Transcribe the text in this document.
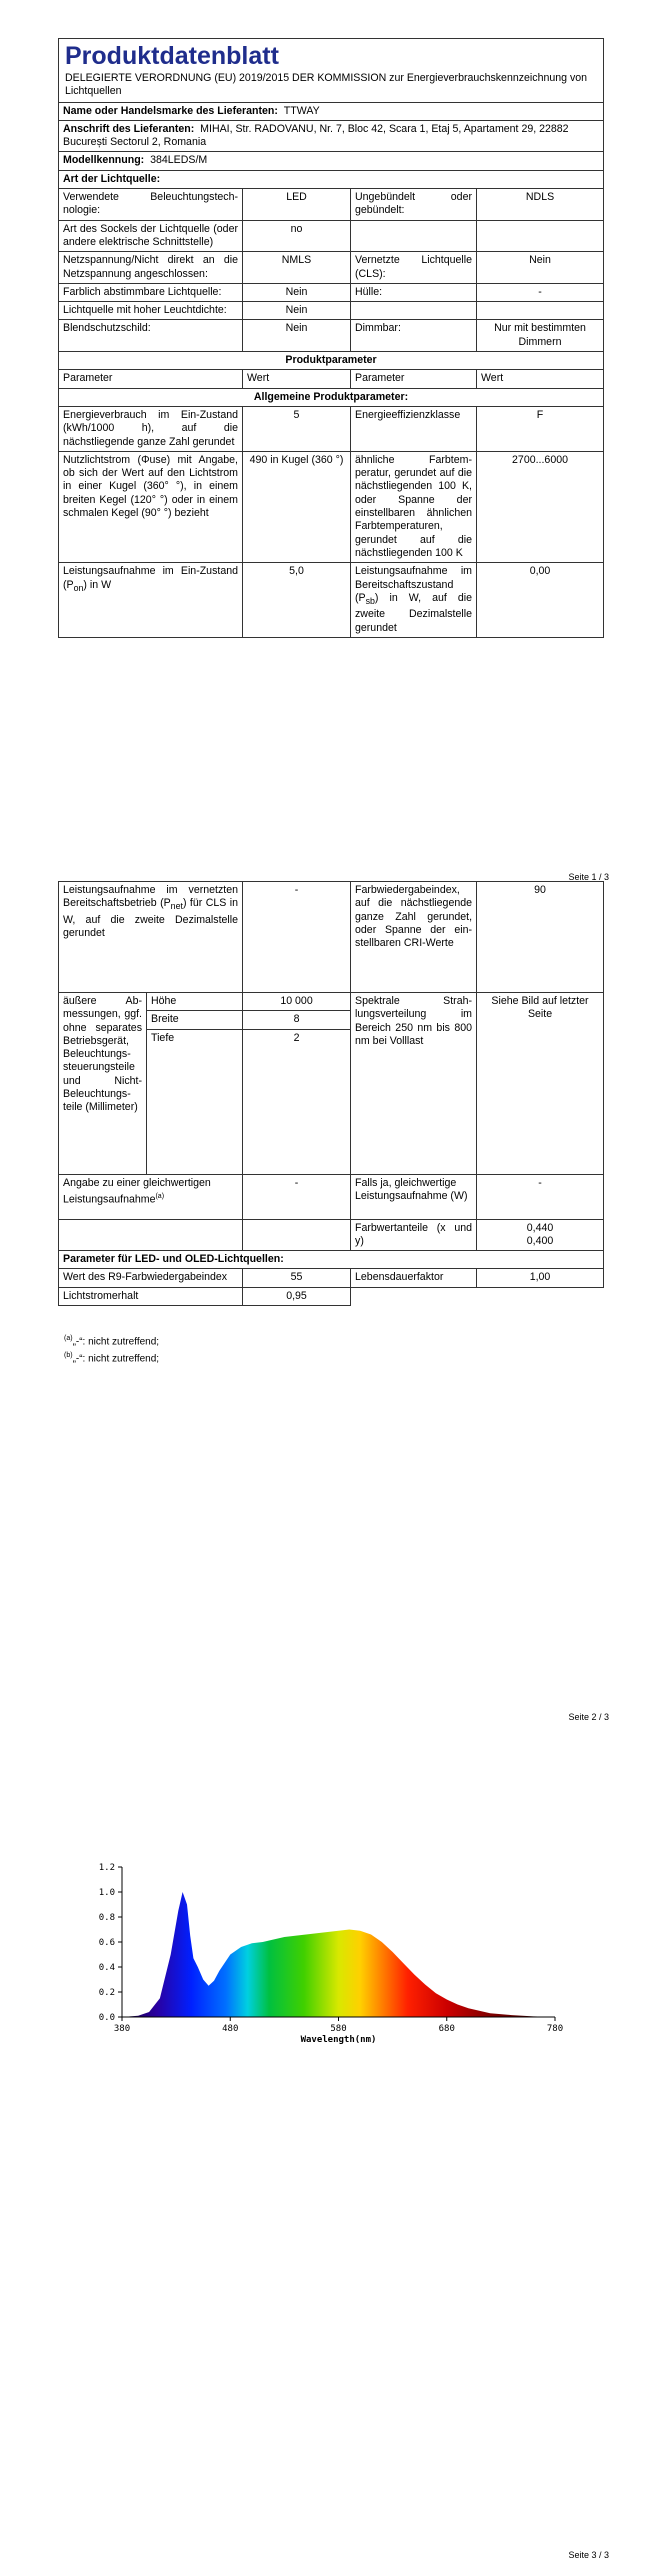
Produktdatenblatt
DELEGIERTE VERORDNUNG (EU) 2019/2015 DER KOMMISSION zur Energieverbrauchskennzeichnung von Lichtquellen			

Name oder Handelsmarke des Lieferanten: TTWAY			
Anschrift des Lieferanten: MIHAI, Str. RADOVANU, Nr. 7, Bloc 42, Scara 1, Etaj 5, Apartament 29, 22882 București Sectorul 2, Romania			
Modellkennung: 384LEDS/M			
Art der Lichtquelle:			
Verwendete Beleuchtungstechnologie:	LED	Ungebündelt oder gebündelt:	NDLS
Art des Sockels der Lichtquelle (oder andere elektrische Schnittstelle)	no		
Netzspannung/Nicht direkt an die Netzspannung angeschlossen:	NMLS	Vernetzte Lichtquelle (CLS):	Nein
Farblich abstimmbare Lichtquelle:	Nein	Hülle:	-
Lichtquelle mit hoher Leuchtdichte:	Nein		
Blendschutzschild:	Nein	Dimmbar:	Nur mit bestimmten Dimmern
Produktparameter			
Parameter	Wert	Parameter	Wert
Allgemeine Produktparameter:			
Energieverbrauch im Ein-Zustand (kWh/1000 h), auf die nächstliegende ganze Zahl gerundet	5	Energieeffizienzklasse	F
Nutzlichtstrom (Φuse) mit Angabe, ob sich der Wert auf den Lichtstrom in einer Kugel (360° °), in einem breiten Kegel (120° °) oder in einem schmalen Kegel (90° °) bezieht	490 in Kugel (360 °)	ähnliche Farbtemperatur, gerundet auf die nächstliegenden 100 K, oder Spanne der einstellbaren ähnlichen Farbtemperaturen, gerundet auf die nächstliegenden 100 K	2700...6000
Leistungsaufnahme im Ein-Zustand $(P_{on})$ in W	5,0	Leistungsaufnahme im Bereitschaftszustand $(P_{sb})$ in W, auf die zweite Dezimalstelle gerundet	0,00
Seite 1 / 3
Seite 2 / 3
Leistungsaufnahme im vernetzten Bereitschaftsbetrieb $(P_{net})$ für CLS in W, auf die zweite Dezimalstelle gerundet		-	Farbwiedergabeindex, auf die nächstliegende ganze Zahl gerundet, oder Spanne der einstellbaren CRI-Werte	90
äußere Abmessungen, ggf. ohne separates Betriebsgerät, Beleuchtungssteuerungsteile und Nicht-Beleuchtungsteile (Millimeter)	Höhe	10 000	Spektrale Strahlungsverteilung im Bereich 250 nm bis 800 nm bei Volllast	Siehe Bild auf letzter Seite
	Breite	8		
	Tiefe	2		
Angabe zu einer gleichwertigen Leistungsaufnahme$^{(a)}$		-	Falls ja, gleichwertige Leistungsaufnahme (W)	-
			Farbwertanteile (x und y)	0,440
0,400

Parameter für LED- und OLED-Lichtquellen:				
Wert des R9-Farbwiedergabeindex		55	Lebensdauerfaktor	1,00
Lichtstromerhalt		0,95		
$^{(a)}$„-“: nicht zutreffend;
$^{(b)}$„-“: nicht zutreffend;
Seite 3 / 3
380	480	580	680	780
0.0
0.2
0.4
0.6
0.8
1.0
1.2
Wavelength(nm)
